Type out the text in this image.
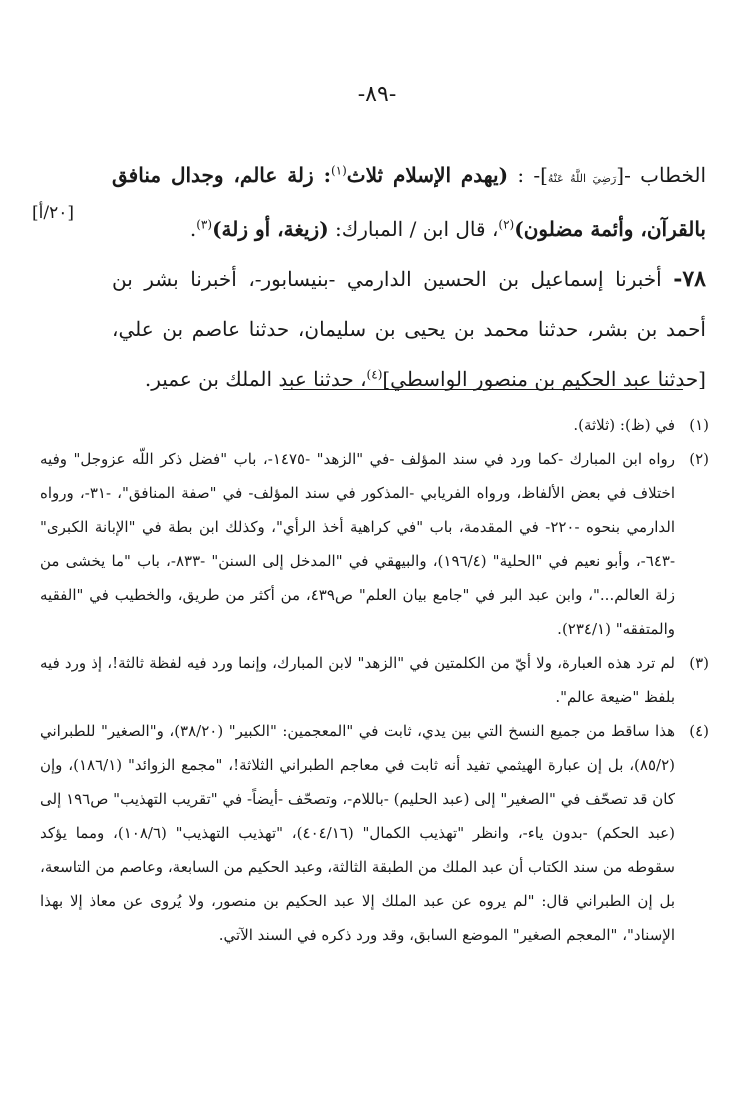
-٨٩-
[٢٠/أ]

الخطاب -[رَضِيَ اللَّهُ عَنْهُ]- : (يهدم الإسلام ثلاث$^{(١)}$: زلة عالم، وجدال منافق بالقرآن، وأئمة مضلون)$^{(٢)}$، قال ابن / المبارك: (زيغة، أو زلة)$^{(٣)}$.

٧٨- أخبرنا إسماعيل بن الحسين الدارمي -بنيسابور-، أخبرنا بشر بن أحمد بن بشر، حدثنا محمد بن يحيى بن سليمان، حدثنا عاصم بن علي، [حدثنا عبد الحكيم بن منصور الواسطي]$^{(٤)}$، حدثنا عبد الملك بن عمير.

(١)
في (ظ): (ثلاثة).

(٢)
رواه ابن المبارك -كما ورد في سند المؤلف -في "الزهد" -١٤٧٥-، باب "فضل ذكر اللّه عزوجل" وفيه اختلاف في بعض الألفاظ، ورواه الفريابي -المذكور في سند المؤلف- في "صفة المنافق"، -٣١-، ورواه الدارمي بنحوه -٢٢٠- في المقدمة، باب "في كراهية أخذ الرأي"، وكذلك ابن بطة في "الإبانة الكبرى" -٦٤٣-، وأبو نعيم في "الحلية" (١٩٦/٤)، والبيهقي في "المدخل إلى السنن" -٨٣٣-، باب "ما يخشى من زلة العالم..."، وابن عبد البر في "جامع بيان العلم" ص٤٣٩، من أكثر من طريق، والخطيب في "الفقيه والمتفقه" (٢٣٤/١).

(٣)
لم ترد هذه العبارة، ولا أيّ من الكلمتين في "الزهد" لابن المبارك، وإنما ورد فيه لفظة ثالثة!، إذ ورد فيه بلفظ "ضيعة عالم".

(٤)
هذا ساقط من جميع النسخ التي بين يدي، ثابت في "المعجمين: "الكبير" (٣٨/٢٠)، و"الصغير" للطبراني (٨٥/٢)، بل إن عبارة الهيثمي تفيد أنه ثابت في معاجم الطبراني الثلاثة!، "مجمع الزوائد" (١٨٦/١)، وإن كان قد تصحّف في "الصغير" إلى (عبد الحليم) -باللام-، وتصحّف -أيضاً- في "تقريب التهذيب" ص١٩٦ إلى (عبد الحكم) -بدون ياء-، وانظر "تهذيب الكمال" (٤٠٤/١٦)، "تهذيب التهذيب" (١٠٨/٦)، ومما يؤكد سقوطه من سند الكتاب أن عبد الملك من الطبقة الثالثة، وعبد الحكيم من السابعة، وعاصم من التاسعة، بل إن الطبراني قال: "لم يروه عن عبد الملك إلا عبد الحكيم بن منصور، ولا يُروى عن معاذ إلا بهذا الإسناد"، "المعجم الصغير" الموضع السابق، وقد ورد ذكره في السند الآتي.
